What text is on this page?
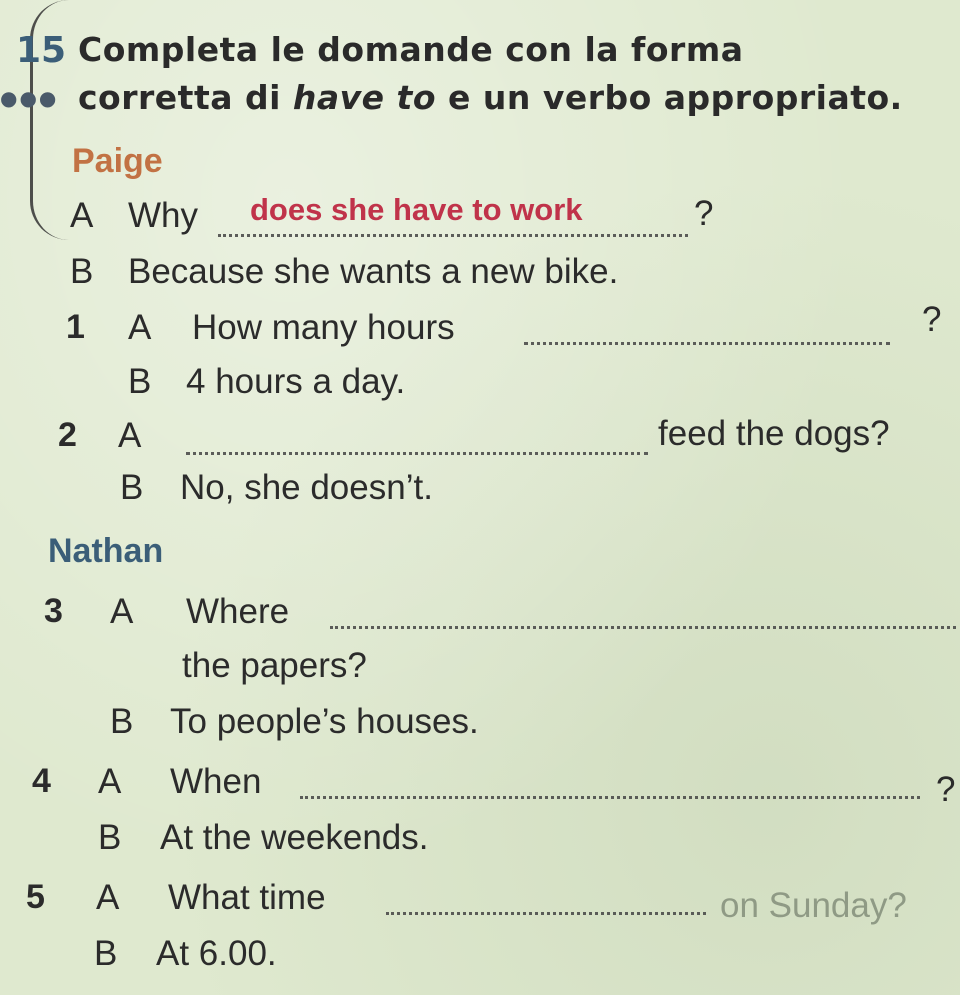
●●●
15 Completa le domande con la forma
corretta di have to e un verbo appropriato.
Paige
A Why does she have to work	?
B Because she wants a new bike.
1 A How many hours	?
B 4 hours a day.
2 A	feed the dogs?
B No, she doesn’t.
Nathan
3 A Where
the papers?
B To people’s houses.
4 A When	?
B At the weekends.
5 A What time	on Sunday?
B At 6.00.
